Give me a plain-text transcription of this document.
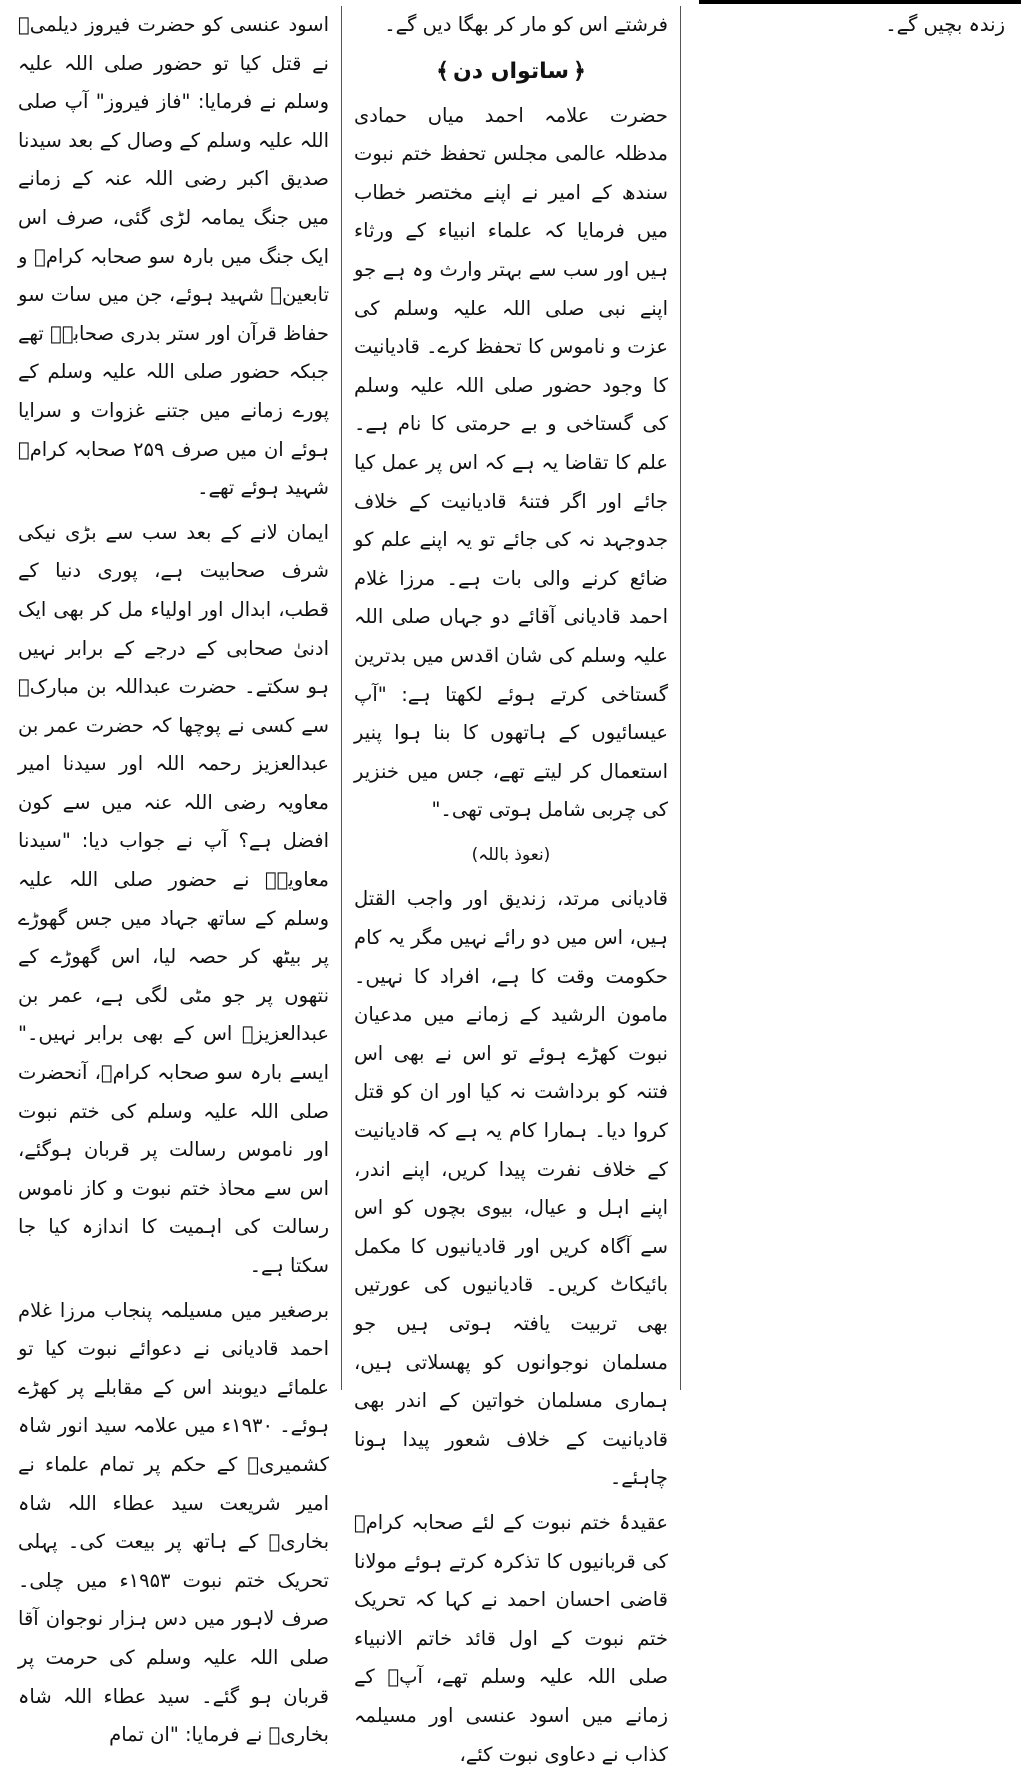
زندہ بچیں گے۔

فرشتے اس کو مار کر بھگا دیں گے۔

﴿
ساتواں دن
﴾

حضرت علامہ احمد میاں حمادی مدظلہ عالمی مجلس تحفظ ختم نبوت سندھ کے امیر نے اپنے مختصر خطاب میں فرمایا کہ علماء انبیاء کے ورثاء ہیں اور سب سے بہتر وارث وہ ہے جو اپنے نبی صلی اللہ علیہ وسلم کی عزت و ناموس کا تحفظ کرے۔ قادیانیت کا وجود حضور صلی اللہ علیہ وسلم کی گستاخی و بے حرمتی کا نام ہے۔ علم کا تقاضا یہ ہے کہ اس پر عمل کیا جائے اور اگر فتنۂ قادیانیت کے خلاف جدوجہد نہ کی جائے تو یہ اپنے علم کو ضائع کرنے والی بات ہے۔ مرزا غلام احمد قادیانی آقائے دو جہاں صلی اللہ علیہ وسلم کی شان اقدس میں بدترین گستاخی کرتے ہوئے لکھتا ہے: "آپ عیسائیوں کے ہاتھوں کا بنا ہوا پنیر استعمال کر لیتے تھے، جس میں خنزیر کی چربی شامل ہوتی تھی۔"

(نعوذ باللہ)

قادیانی مرتد، زندیق اور واجب القتل ہیں، اس میں دو رائے نہیں مگر یہ کام حکومت وقت کا ہے، افراد کا نہیں۔ مامون الرشید کے زمانے میں مدعیان نبوت کھڑے ہوئے تو اس نے بھی اس فتنہ کو برداشت نہ کیا اور ان کو قتل کروا دیا۔ ہمارا کام یہ ہے کہ قادیانیت کے خلاف نفرت پیدا کریں، اپنے اندر، اپنے اہل و عیال، بیوی بچوں کو اس سے آگاہ کریں اور قادیانیوں کا مکمل بائیکاٹ کریں۔ قادیانیوں کی عورتیں بھی تربیت یافتہ ہوتی ہیں جو مسلمان نوجوانوں کو پھسلاتی ہیں، ہماری مسلمان خواتین کے اندر بھی قادیانیت کے خلاف شعور پیدا ہونا چاہئے۔

عقیدۂ ختم نبوت کے لئے صحابہ کرامؓ کی قربانیوں کا تذکرہ کرتے ہوئے مولانا قاضی احسان احمد نے کہا کہ تحریک ختم نبوت کے اول قائد خاتم الانبیاء صلی اللہ علیہ وسلم تھے، آپؐ کے زمانے میں اسود عنسی اور مسیلمہ کذاب نے دعاوی نبوت کئے،

اسود عنسی کو حضرت فیروز دیلمیؓ نے قتل کیا تو حضور صلی اللہ علیہ وسلم نے فرمایا: "فاز فیروز" آپ صلی اللہ علیہ وسلم کے وصال کے بعد سیدنا صدیق اکبر رضی اللہ عنہ کے زمانے میں جنگ یمامہ لڑی گئی، صرف اس ایک جنگ میں بارہ سو صحابہ کرامؓ و تابعینؒ شہید ہوئے، جن میں سات سو حفاظ قرآن اور ستر بدری صحابہؓ تھے جبکہ حضور صلی اللہ علیہ وسلم کے پورے زمانے میں جتنے غزوات و سرایا ہوئے ان میں صرف ۲۵۹ صحابہ کرامؓ شہید ہوئے تھے۔

ایمان لانے کے بعد سب سے بڑی نیکی شرف صحابیت ہے، پوری دنیا کے قطب، ابدال اور اولیاء مل کر بھی ایک ادنیٰ صحابی کے درجے کے برابر نہیں ہو سکتے۔ حضرت عبداللہ بن مبارکؒ سے کسی نے پوچھا کہ حضرت عمر بن عبدالعزیز رحمہ اللہ اور سیدنا امیر معاویہ رضی اللہ عنہ میں سے کون افضل ہے؟ آپ نے جواب دیا: "سیدنا معاویہؓ نے حضور صلی اللہ علیہ وسلم کے ساتھ جہاد میں جس گھوڑے پر بیٹھ کر حصہ لیا، اس گھوڑے کے نتھوں پر جو مٹی لگی ہے، عمر بن عبدالعزیزؒ اس کے بھی برابر نہیں۔" ایسے بارہ سو صحابہ کرامؓ، آنحضرت صلی اللہ علیہ وسلم کی ختم نبوت اور ناموس رسالت پر قربان ہوگئے، اس سے محاذ ختم نبوت و کاز ناموس رسالت کی اہمیت کا اندازہ کیا جا سکتا ہے۔

برصغیر میں مسیلمہ پنجاب مرزا غلام احمد قادیانی نے دعوائے نبوت کیا تو علمائے دیوبند اس کے مقابلے پر کھڑے ہوئے۔ ۱۹۳۰ء میں علامہ سید انور شاہ کشمیریؒ کے حکم پر تمام علماء نے امیر شریعت سید عطاء اللہ شاہ بخاریؒ کے ہاتھ پر بیعت کی۔ پہلی تحریک ختم نبوت ۱۹۵۳ء میں چلی۔ صرف لاہور میں دس ہزار نوجوان آقا صلی اللہ علیہ وسلم کی حرمت پر قربان ہو گئے۔ سید عطاء اللہ شاہ بخاریؒ نے فرمایا: "ان تمام
